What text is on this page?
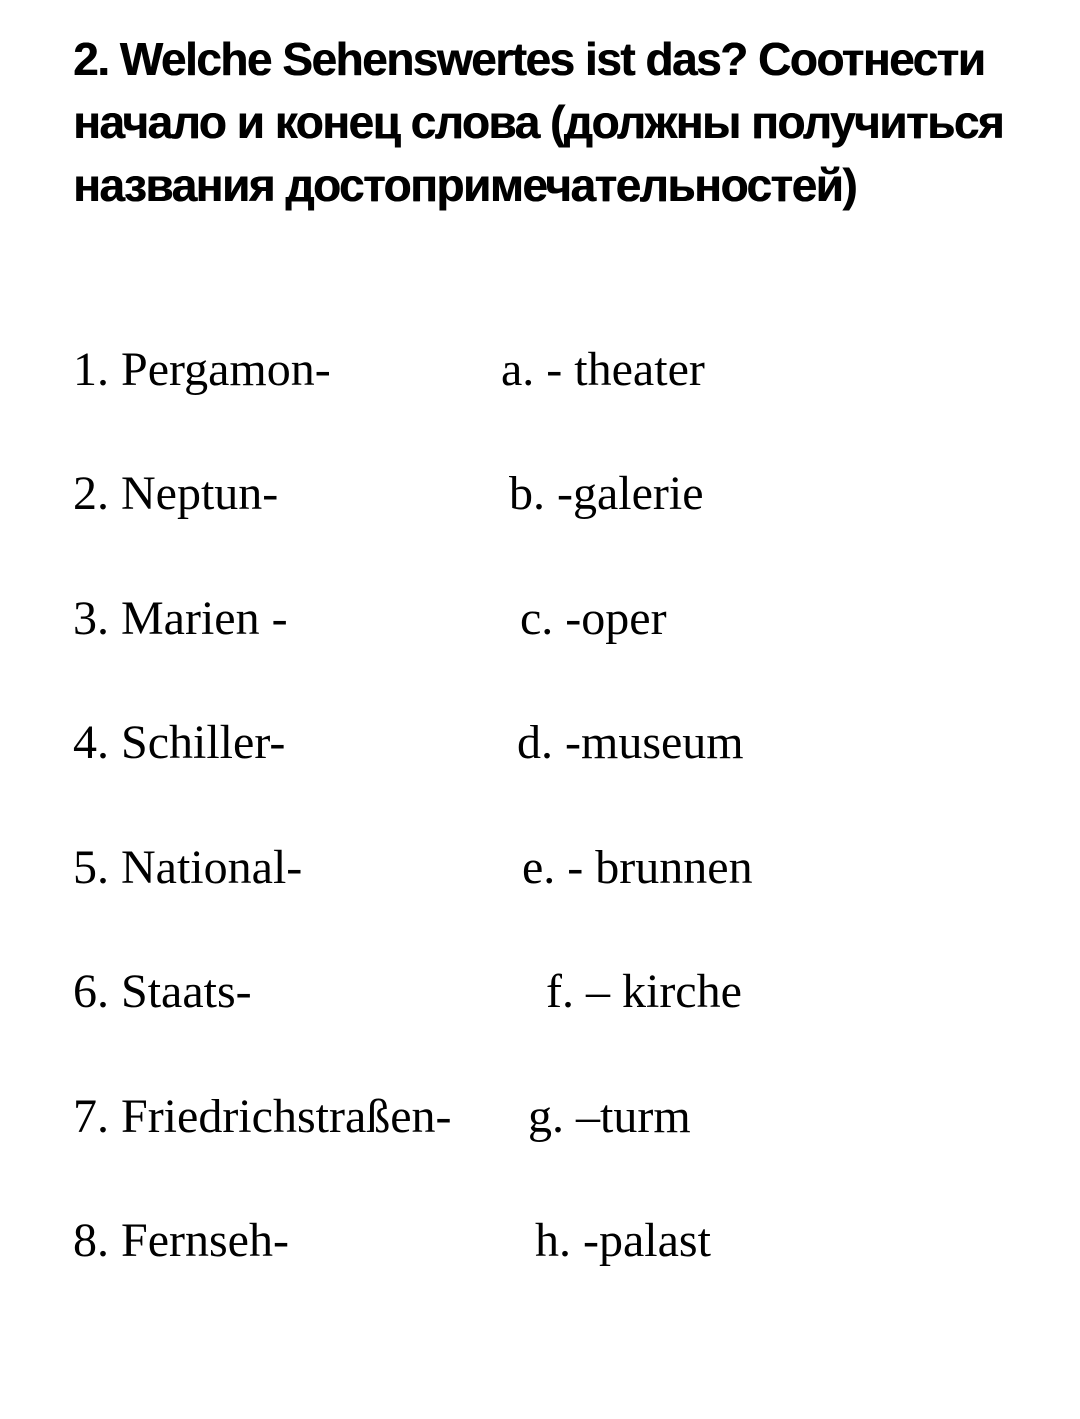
2. Welche Sehenswertes ist das? Соотнести начало и конец слова (должны получиться названия достопримечательностей)
1. Pergamon-	a. - theater
2. Neptun-	b. -galerie
3. Marien -	c. -oper
4. Schiller-	d. -museum
5. National-	e. - brunnen
6. Staats-	f. – kirche
7. Friedrichstraßen- g. –turm
8. Fernseh-	h. -palast
